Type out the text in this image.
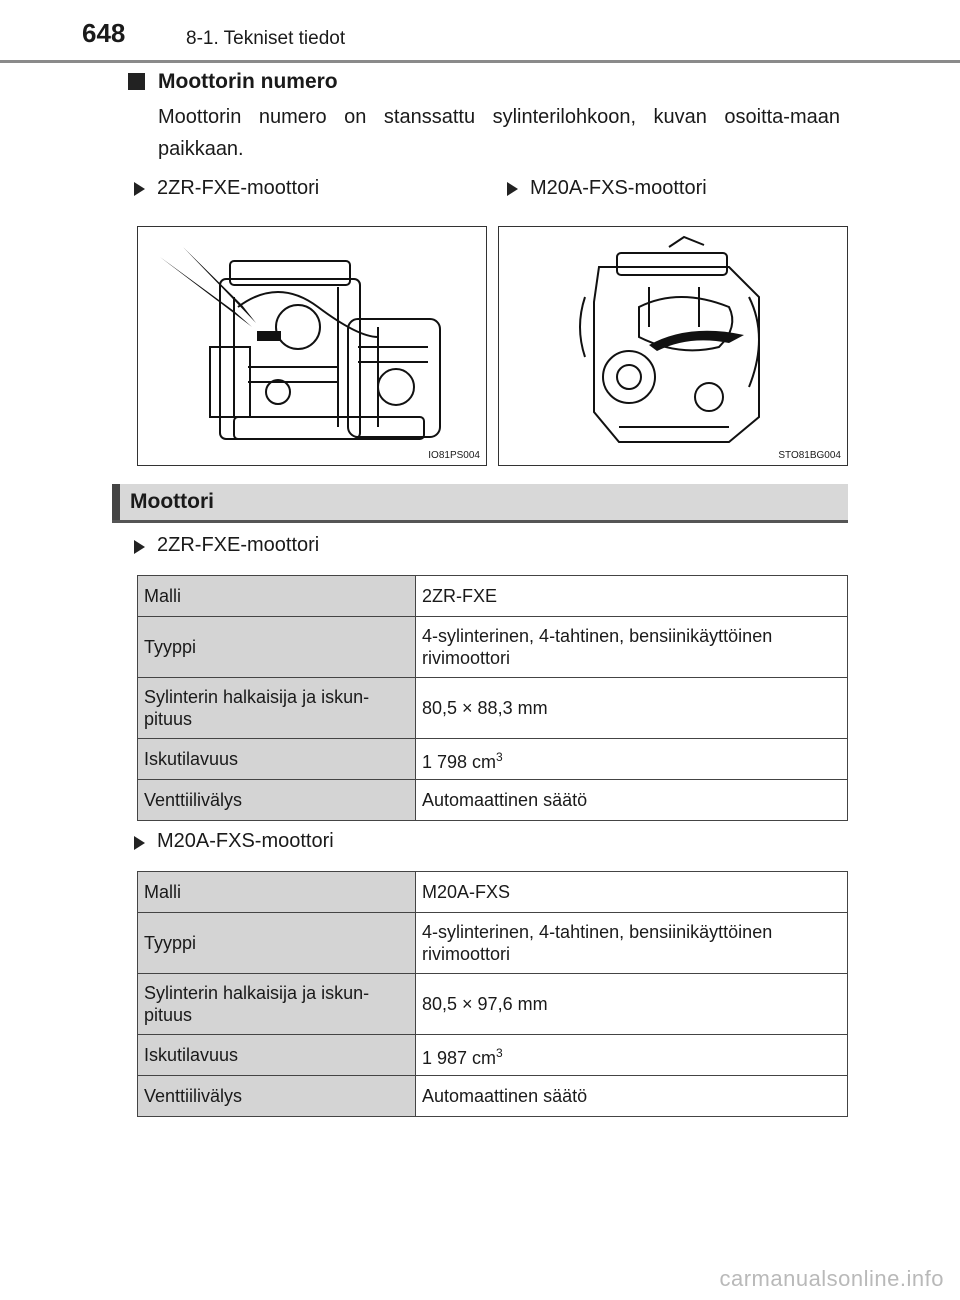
648	8-1. Tekniset tiedot
Moottorin numero
Moottorin numero on stanssattu sylinterilohkoon, kuvan osoitta-maan paikkaan.
2ZR-FXE-moottori	M20A-FXS-moottori
IO81PS004	STO81BG004
Moottori
2ZR-FXE-moottori
Malli	2ZR-FXE
Tyyppi	4-sylinterinen, 4-tahtinen, bensiinikäyttöinen rivimoottori
Sylinterin halkaisija ja iskun-pituus	80,5 × 88,3 mm
Iskutilavuus	1 798 $cm^3$
Venttiilivälys	Automaattinen säätö
M20A-FXS-moottori
Malli	M20A-FXS
Tyyppi	4-sylinterinen, 4-tahtinen, bensiinikäyttöinen rivimoottori
Sylinterin halkaisija ja iskun-pituus	80,5 × 97,6 mm
Iskutilavuus	1 987 $cm^3$
Venttiilivälys	Automaattinen säätö
carmanualsonline.info
